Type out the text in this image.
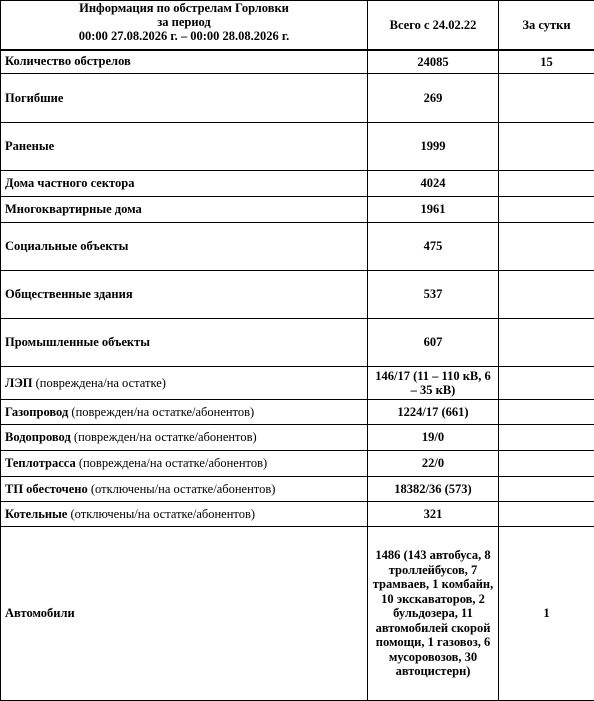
Информация по обстрелам Горловки
за период
00:00 27.08.2026 г. – 00:00 28.08.2026 г.	Всего с 24.02.22	За сутки
Количество обстрелов	24085	15
Погибшие	269	
Раненые	1999	
Дома частного сектора	4024	
Многоквартирные дома	1961	
Социальные объекты	475	
Общественные здания	537	
Промышленные объекты	607	
ЛЭП (повреждена/на остатке)	146/17 (11 – 110 кВ, 6 – 35 кВ)	
Газопровод (поврежден/на остатке/абонентов)	1224/17 (661)	
Водопровод (поврежден/на остатке/абонентов)	19/0	
Теплотрасса (повреждена/на остатке/абонентов)	22/0	
ТП обесточено (отключены/на остатке/абонентов)	18382/36 (573)	
Котельные (отключены/на остатке/абонентов)	321	
Автомобили	1486 (143 автобуса, 8 троллейбусов, 7 трамваев, 1 комбайн, 10 экскаваторов, 2 бульдозера, 11 автомобилей скорой помощи, 1 газовоз, 6 мусоровозов, 30 автоцистерн)	1
